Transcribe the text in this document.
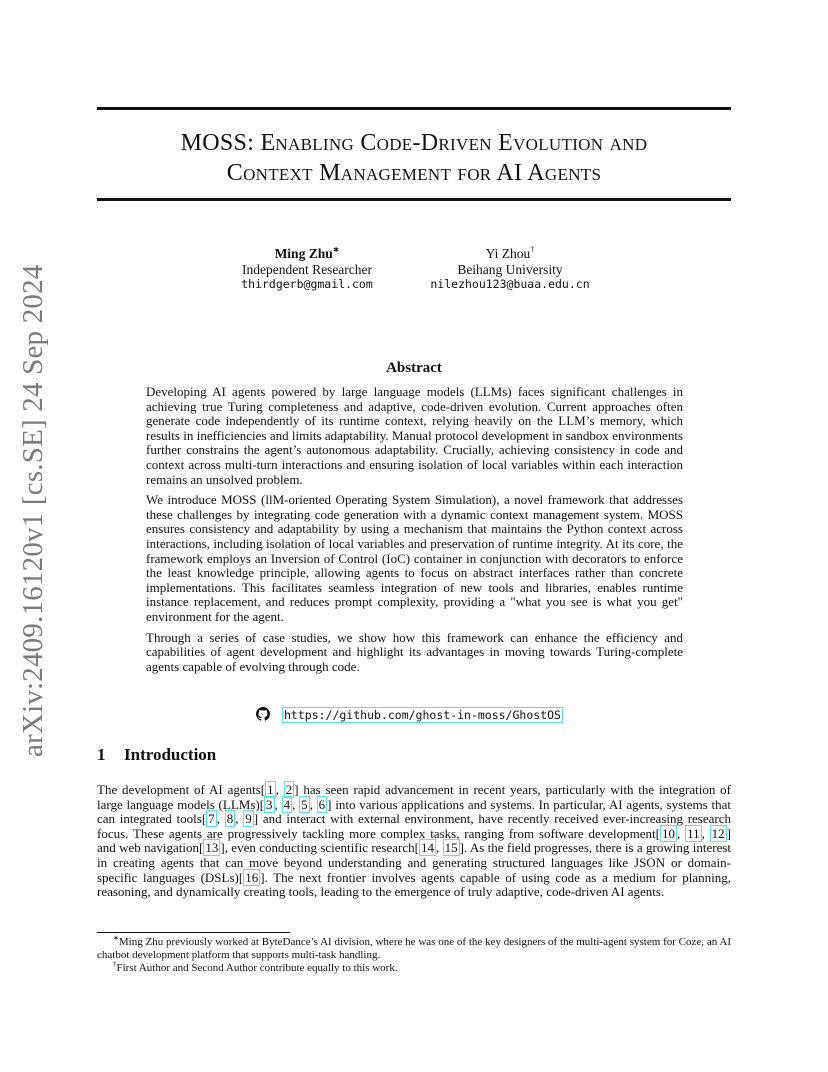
arXiv:2409.16120v1 [cs.SE] 24 Sep 2024
MOSS: Enabling Code-Driven Evolution and
Context Management for AI Agents
Ming Zhu∗
Independent Researcher
thirdgerb@gmail.com
Yi Zhou†
Beihang University
nilezhou123@buaa.edu.cn
Abstract

Developing AI agents powered by large language models (LLMs) faces significant challenges in achieving true Turing completeness and adaptive, code-driven evolution. Current approaches often generate code independently of its runtime context, relying heavily on the LLM’s memory, which results in inefficiencies and limits adaptability. Manual protocol development in sandbox environments further constrains the agent’s autonomous adaptability. Crucially, achieving consistency in code and context across multi-turn interactions and ensuring isolation of local variables within each interaction remains an unsolved problem.

We introduce MOSS (llM-oriented Operating System Simulation), a novel framework that addresses these challenges by integrating code generation with a dynamic context management system. MOSS ensures consistency and adaptability by using a mechanism that maintains the Python context across interactions, including isolation of local variables and preservation of runtime integrity. At its core, the framework employs an Inversion of Control (IoC) container in conjunction with decorators to enforce the least knowledge principle, allowing agents to focus on abstract interfaces rather than concrete implementations. This facilitates seamless integration of new tools and libraries, enables runtime instance replacement, and reduces prompt complexity, providing a "what you see is what you get" environment for the agent.

Through a series of case studies, we show how this framework can enhance the efficiency and capabilities of agent development and highlight its advantages in moving towards Turing-complete agents capable of evolving through code.

https://github.com/ghost-in-moss/GhostOS
1 Introduction

The development of AI agents[ 1 , 2 ] has seen rapid advancement in recent years, particularly with the integration of large language models (LLMs)[ 3 , 4 , 5 , 6 ] into various applications and systems. In particular, AI agents, systems that can integrated tools[ 7 , 8 , 9 ] and interact with external environment, have recently received ever-increasing research focus. These agents are progressively tackling more complex tasks, ranging from software development[ 10 , 11 , 12 ] and web navigation[ 13 ], even conducting scientific research[ 14 , 15 ]. As the field progresses, there is a growing interest in creating agents that can move beyond understanding and generating structured languages like JSON or domain-specific languages (DSLs)[ 16 ]. The next frontier involves agents capable of using code as a medium for planning, reasoning, and dynamically creating tools, leading to the emergence of truly adaptive, code-driven AI agents.

∗Ming Zhu previously worked at ByteDance’s AI division, where he was one of the key designers of the multi-agent system for Coze, an AI chatbot development platform that supports multi-task handling.

†First Author and Second Author contribute equally to this work.
